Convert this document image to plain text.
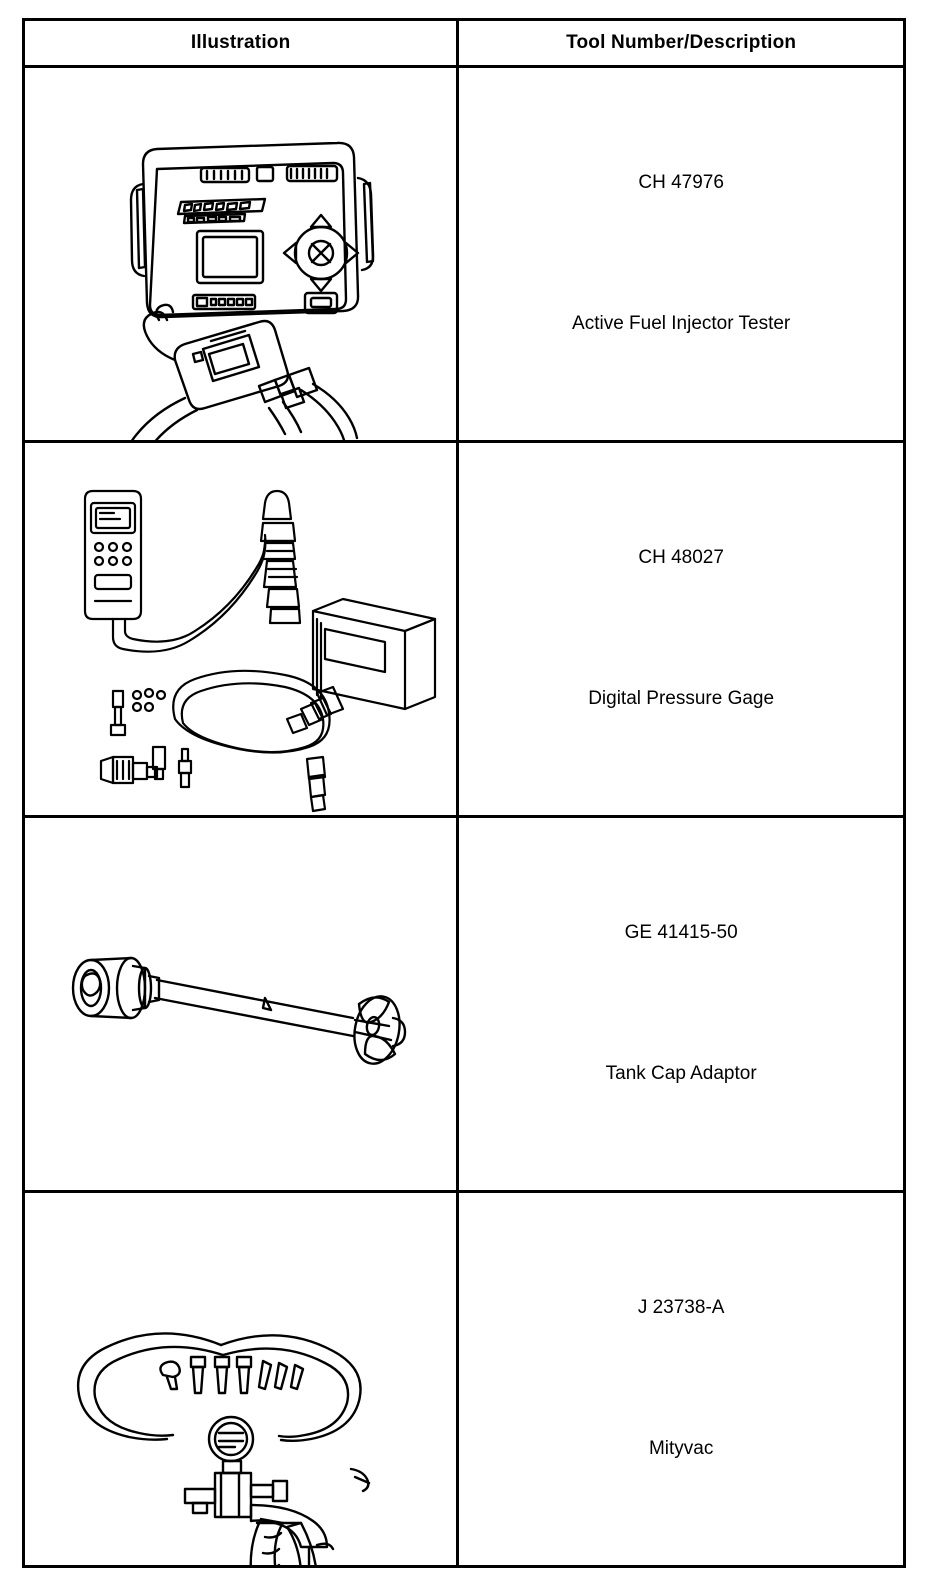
Illustration	Tool Number/Description

CH 47976
Active Fuel Injector Tester

CH 48027
Digital Pressure Gage

GE 41415-50
Tank Cap Adaptor

J 23738-A
Mityvac
